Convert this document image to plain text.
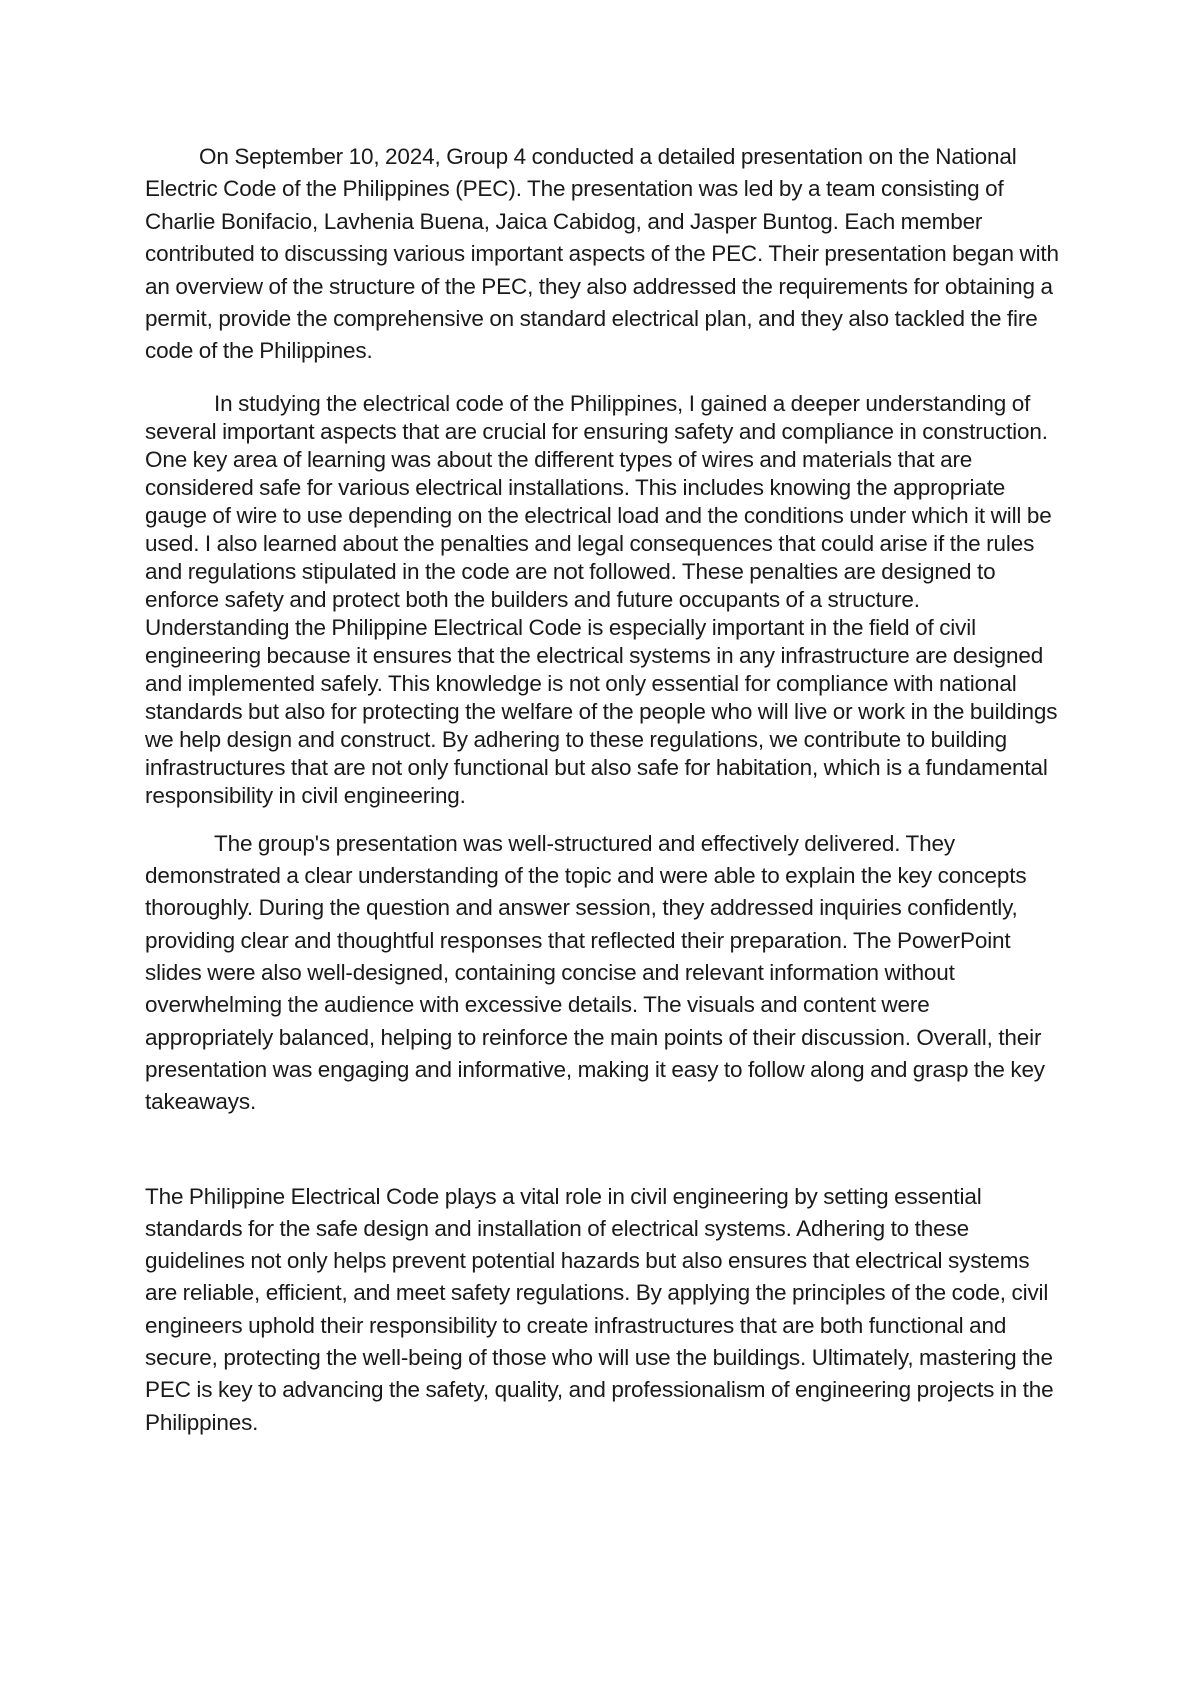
On September 10, 2024, Group 4 conducted a detailed presentation on the National Electric Code of the Philippines (PEC). The presentation was led by a team consisting of Charlie Bonifacio, Lavhenia Buena, Jaica Cabidog, and Jasper Buntog. Each member contributed to discussing various important aspects of the PEC. Their presentation began with an overview of the structure of the PEC, they also addressed the requirements for obtaining a permit, provide the comprehensive on standard electrical plan, and they also tackled the fire code of the Philippines.

In studying the electrical code of the Philippines, I gained a deeper understanding of several important aspects that are crucial for ensuring safety and compliance in construction. One key area of learning was about the different types of wires and materials that are considered safe for various electrical installations. This includes knowing the appropriate gauge of wire to use depending on the electrical load and the conditions under which it will be used. I also learned about the penalties and legal consequences that could arise if the rules and regulations stipulated in the code are not followed. These penalties are designed to enforce safety and protect both the builders and future occupants of a structure. Understanding the Philippine Electrical Code is especially important in the field of civil engineering because it ensures that the electrical systems in any infrastructure are designed and implemented safely. This knowledge is not only essential for compliance with national standards but also for protecting the welfare of the people who will live or work in the buildings we help design and construct. By adhering to these regulations, we contribute to building infrastructures that are not only functional but also safe for habitation, which is a fundamental responsibility in civil engineering.

The group's presentation was well-structured and effectively delivered. They demonstrated a clear understanding of the topic and were able to explain the key concepts thoroughly. During the question and answer session, they addressed inquiries confidently, providing clear and thoughtful responses that reflected their preparation. The PowerPoint slides were also well-designed, containing concise and relevant information without overwhelming the audience with excessive details. The visuals and content were appropriately balanced, helping to reinforce the main points of their discussion. Overall, their presentation was engaging and informative, making it easy to follow along and grasp the key takeaways.

The Philippine Electrical Code plays a vital role in civil engineering by setting essential standards for the safe design and installation of electrical systems. Adhering to these guidelines not only helps prevent potential hazards but also ensures that electrical systems are reliable, efficient, and meet safety regulations. By applying the principles of the code, civil engineers uphold their responsibility to create infrastructures that are both functional and secure, protecting the well-being of those who will use the buildings. Ultimately, mastering the PEC is key to advancing the safety, quality, and professionalism of engineering projects in the Philippines.
